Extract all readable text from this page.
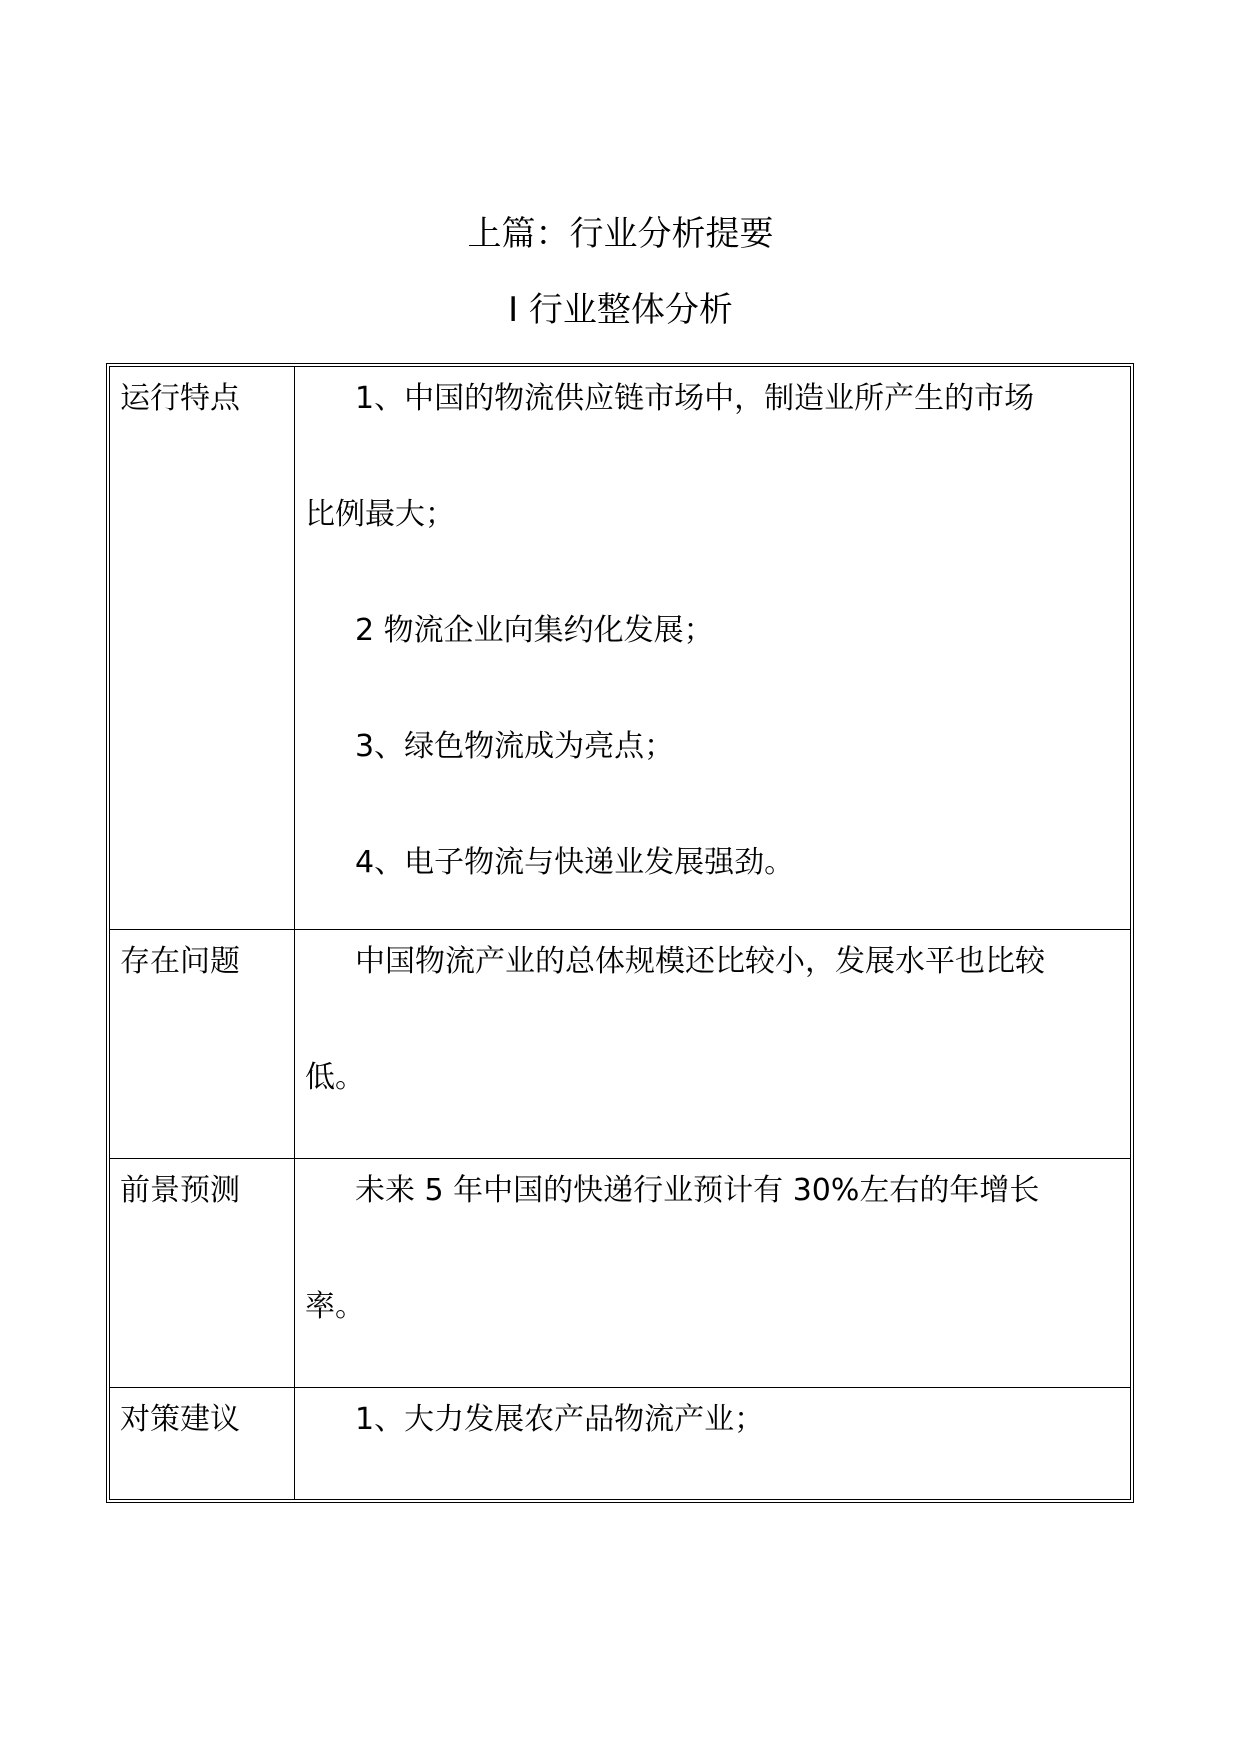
上篇：行业分析提要
I 行业整体分析
运行特点	1、中国的物流供应链市场中，制造业所产生的市场

比例最大；

2 物流企业向集约化发展；

3、绿色物流成为亮点；

4、电子物流与快递业发展强劲。

存在问题	中国物流产业的总体规模还比较小，发展水平也比较

低。

前景预测	未来 5 年中国的快递行业预计有 30%左右的年增长

率。

对策建议	1、大力发展农产品物流产业；
